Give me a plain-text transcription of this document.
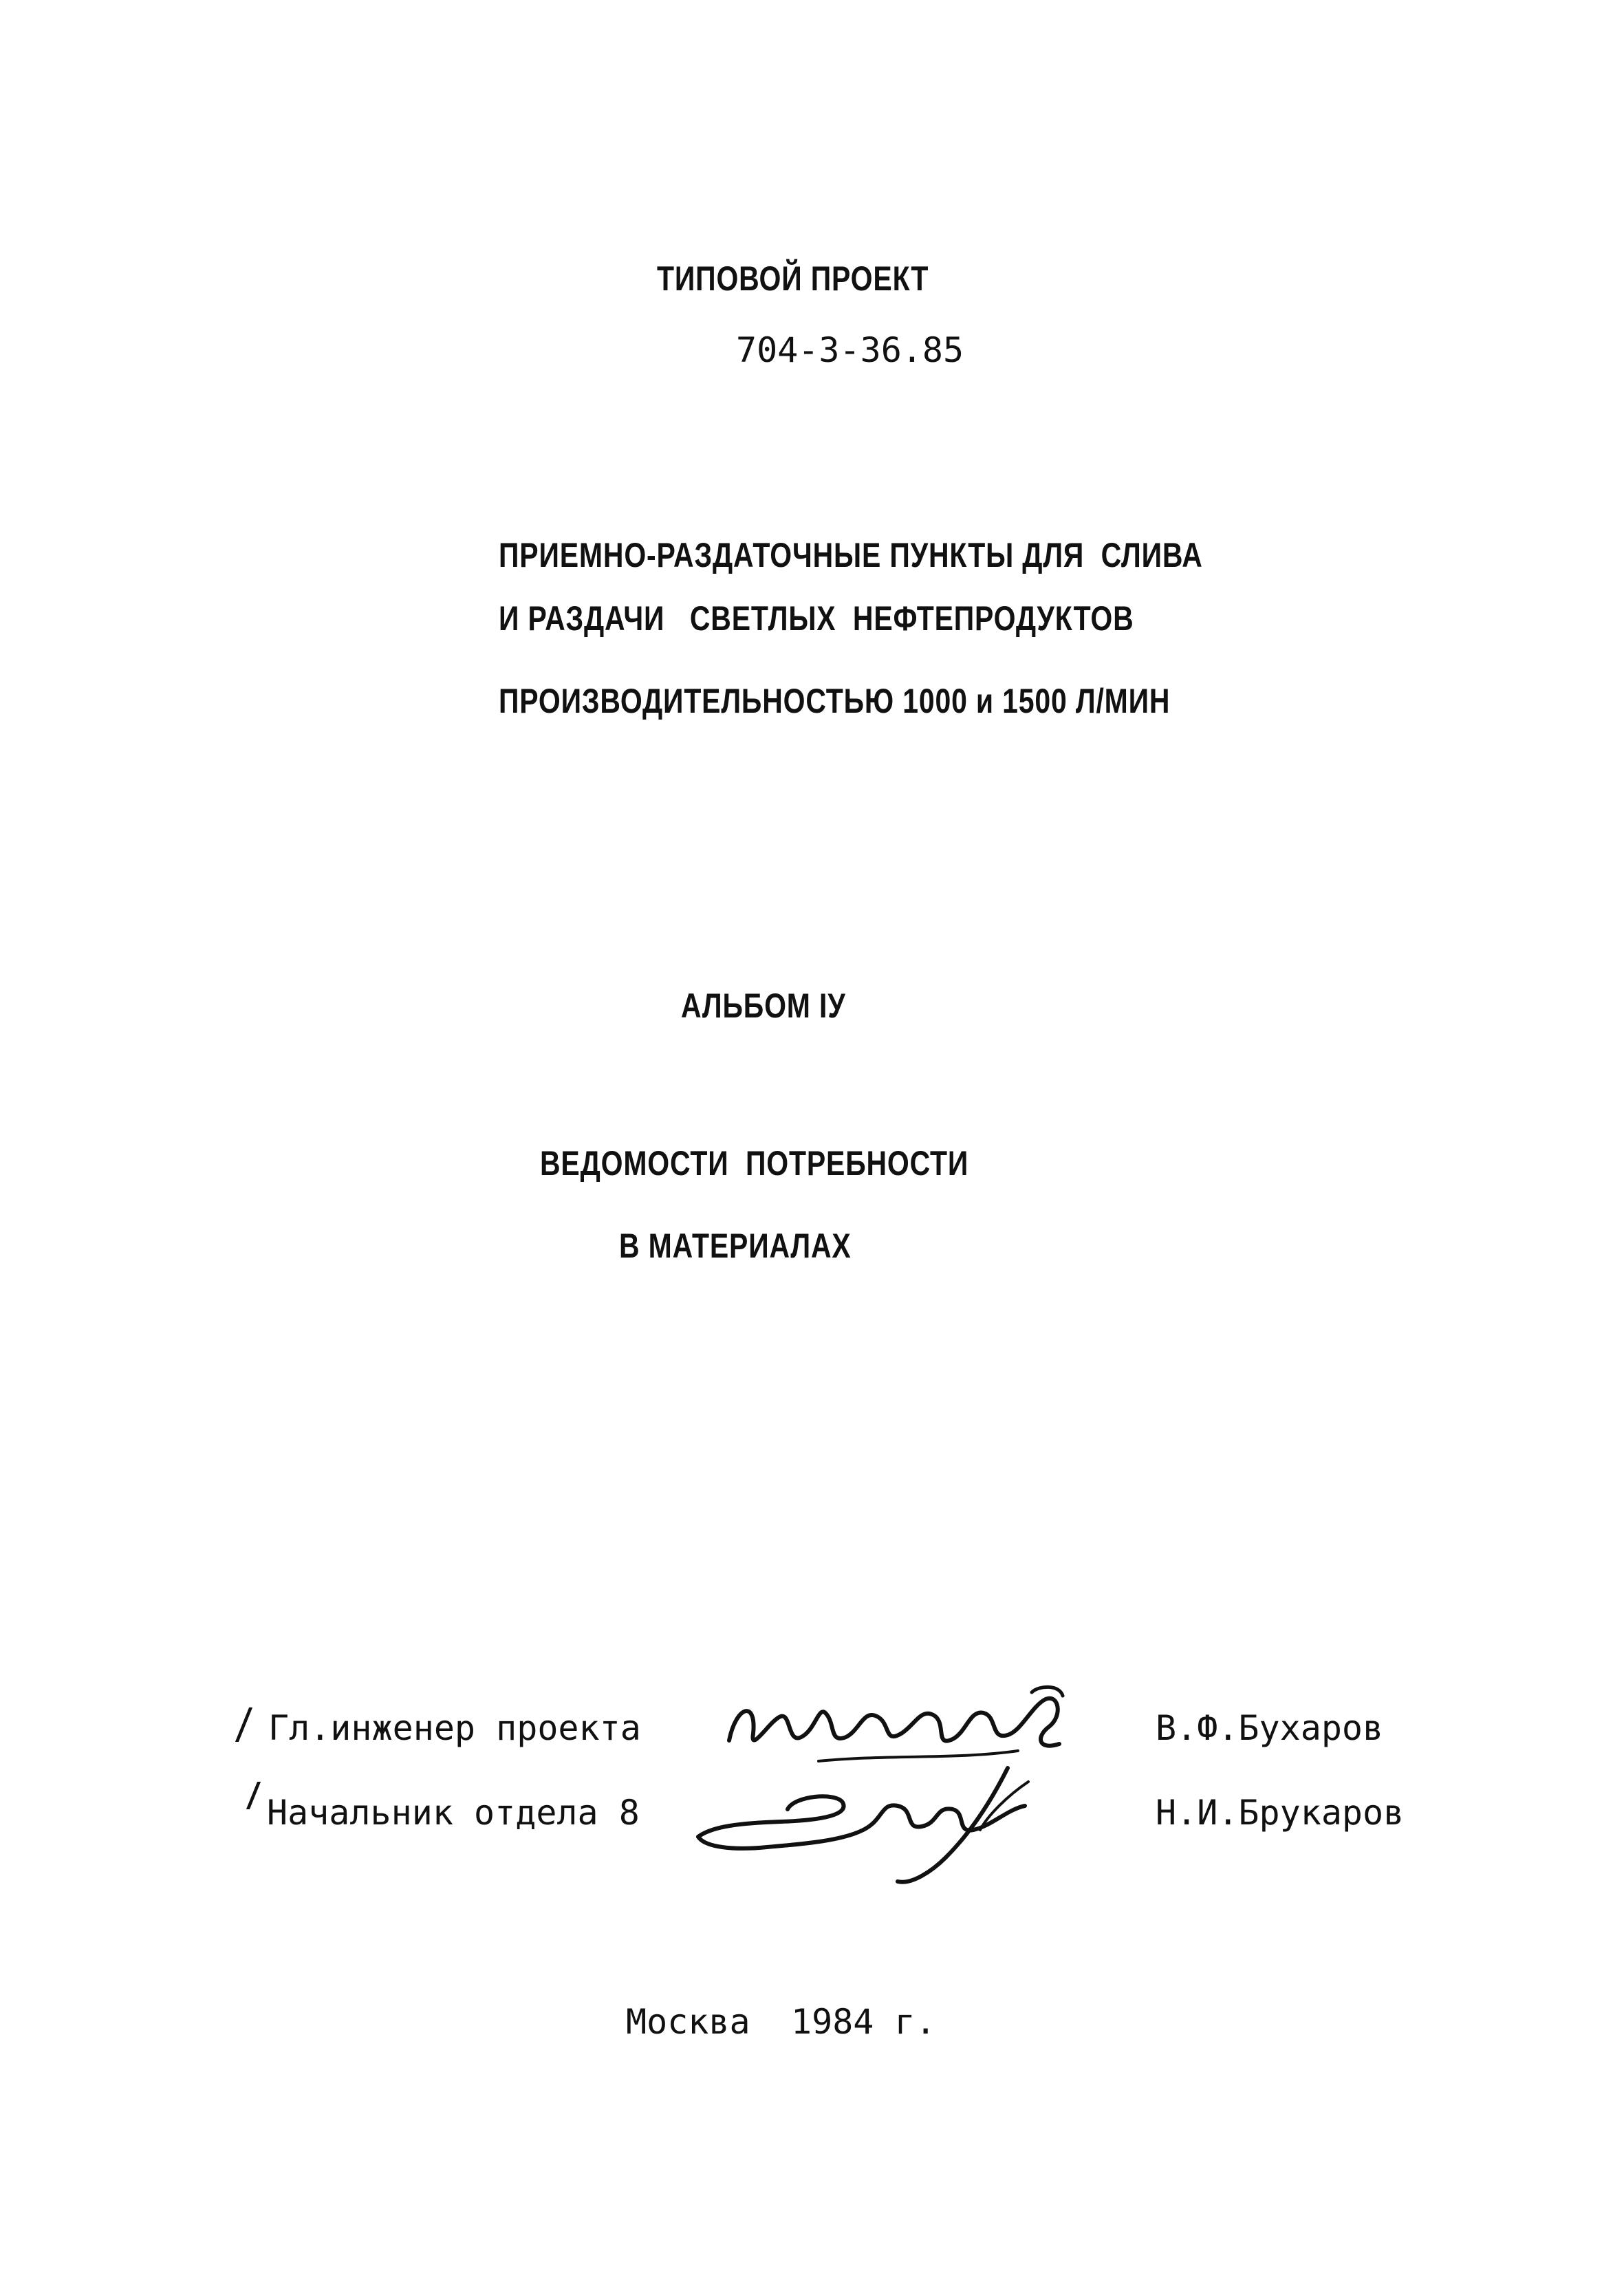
ТИПОВОЙ ПРОЕКТ
704-3-36.85
ПРИЕМНО-РАЗДАТОЧНЫЕ ПУНКТЫ ДЛЯ  СЛИВА
И РАЗДАЧИ   СВЕТЛЫХ  НЕФТЕПРОДУКТОВ
ПРОИЗВОДИТЕЛЬНОСТЬЮ 1000 и 1500 Л/МИН
АЛЬБОМ IУ
ВЕДОМОСТИ  ПОТРЕБНОСТИ
В МАТЕРИАЛАХ
Гл.инженер проекта	В.Ф.Бухаров
Начальник отдела 8	Н.И.Брукаров
Москва 1984 г.
